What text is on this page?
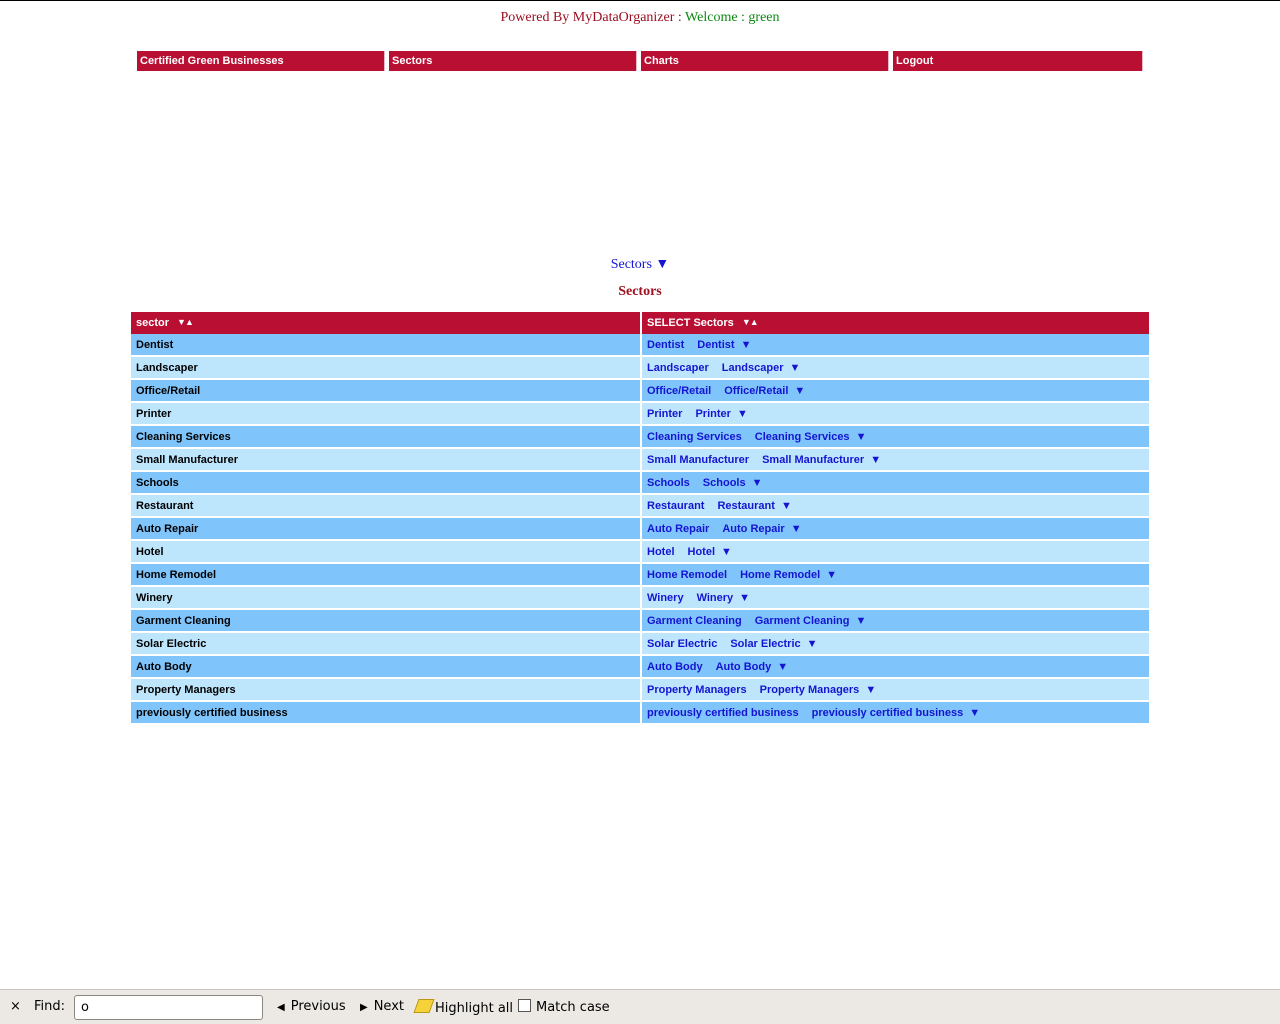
Powered By MyDataOrganizer : Welcome : green
Certified Green Businesses	Sectors	Charts	Logout
Sectors ▼
Sectors
sector ▼▲	SELECT Sectors ▼▲
Dentist	Dentist Dentist ▼
Landscaper	Landscaper Landscaper ▼
Office/Retail	Office/Retail Office/Retail ▼
Printer	Printer Printer ▼
Cleaning Services	Cleaning Services Cleaning Services ▼
Small Manufacturer	Small Manufacturer Small Manufacturer ▼
Schools	Schools Schools ▼
Restaurant	Restaurant Restaurant ▼
Auto Repair	Auto Repair Auto Repair ▼
Hotel	Hotel Hotel ▼
Home Remodel	Home Remodel Home Remodel ▼
Winery	Winery Winery ▼
Garment Cleaning	Garment Cleaning Garment Cleaning ▼
Solar Electric	Solar Electric Solar Electric ▼
Auto Body	Auto Body Auto Body ▼
Property Managers	Property Managers Property Managers ▼
previously certified business	previously certified business previously certified business ▼
× Find:
o	◀ Previous ▶ Next	Highlight all	Match case
